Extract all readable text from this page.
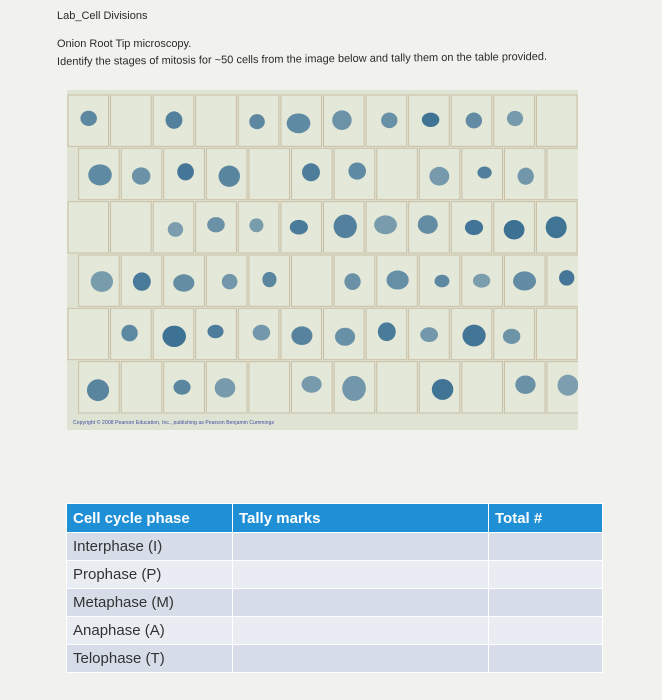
Lab_Cell Divisions
Onion Root Tip microscopy.
Identify the stages of mitosis for ~50 cells from the image below and tally them on the table provided.
Copyright © 2008 Pearson Education, Inc., publishing as Pearson Benjamin Cummings
Cell cycle phase	Tally marks	Total #
Interphase (I)		
Prophase (P)		
Metaphase (M)		
Anaphase (A)		
Telophase (T)		
